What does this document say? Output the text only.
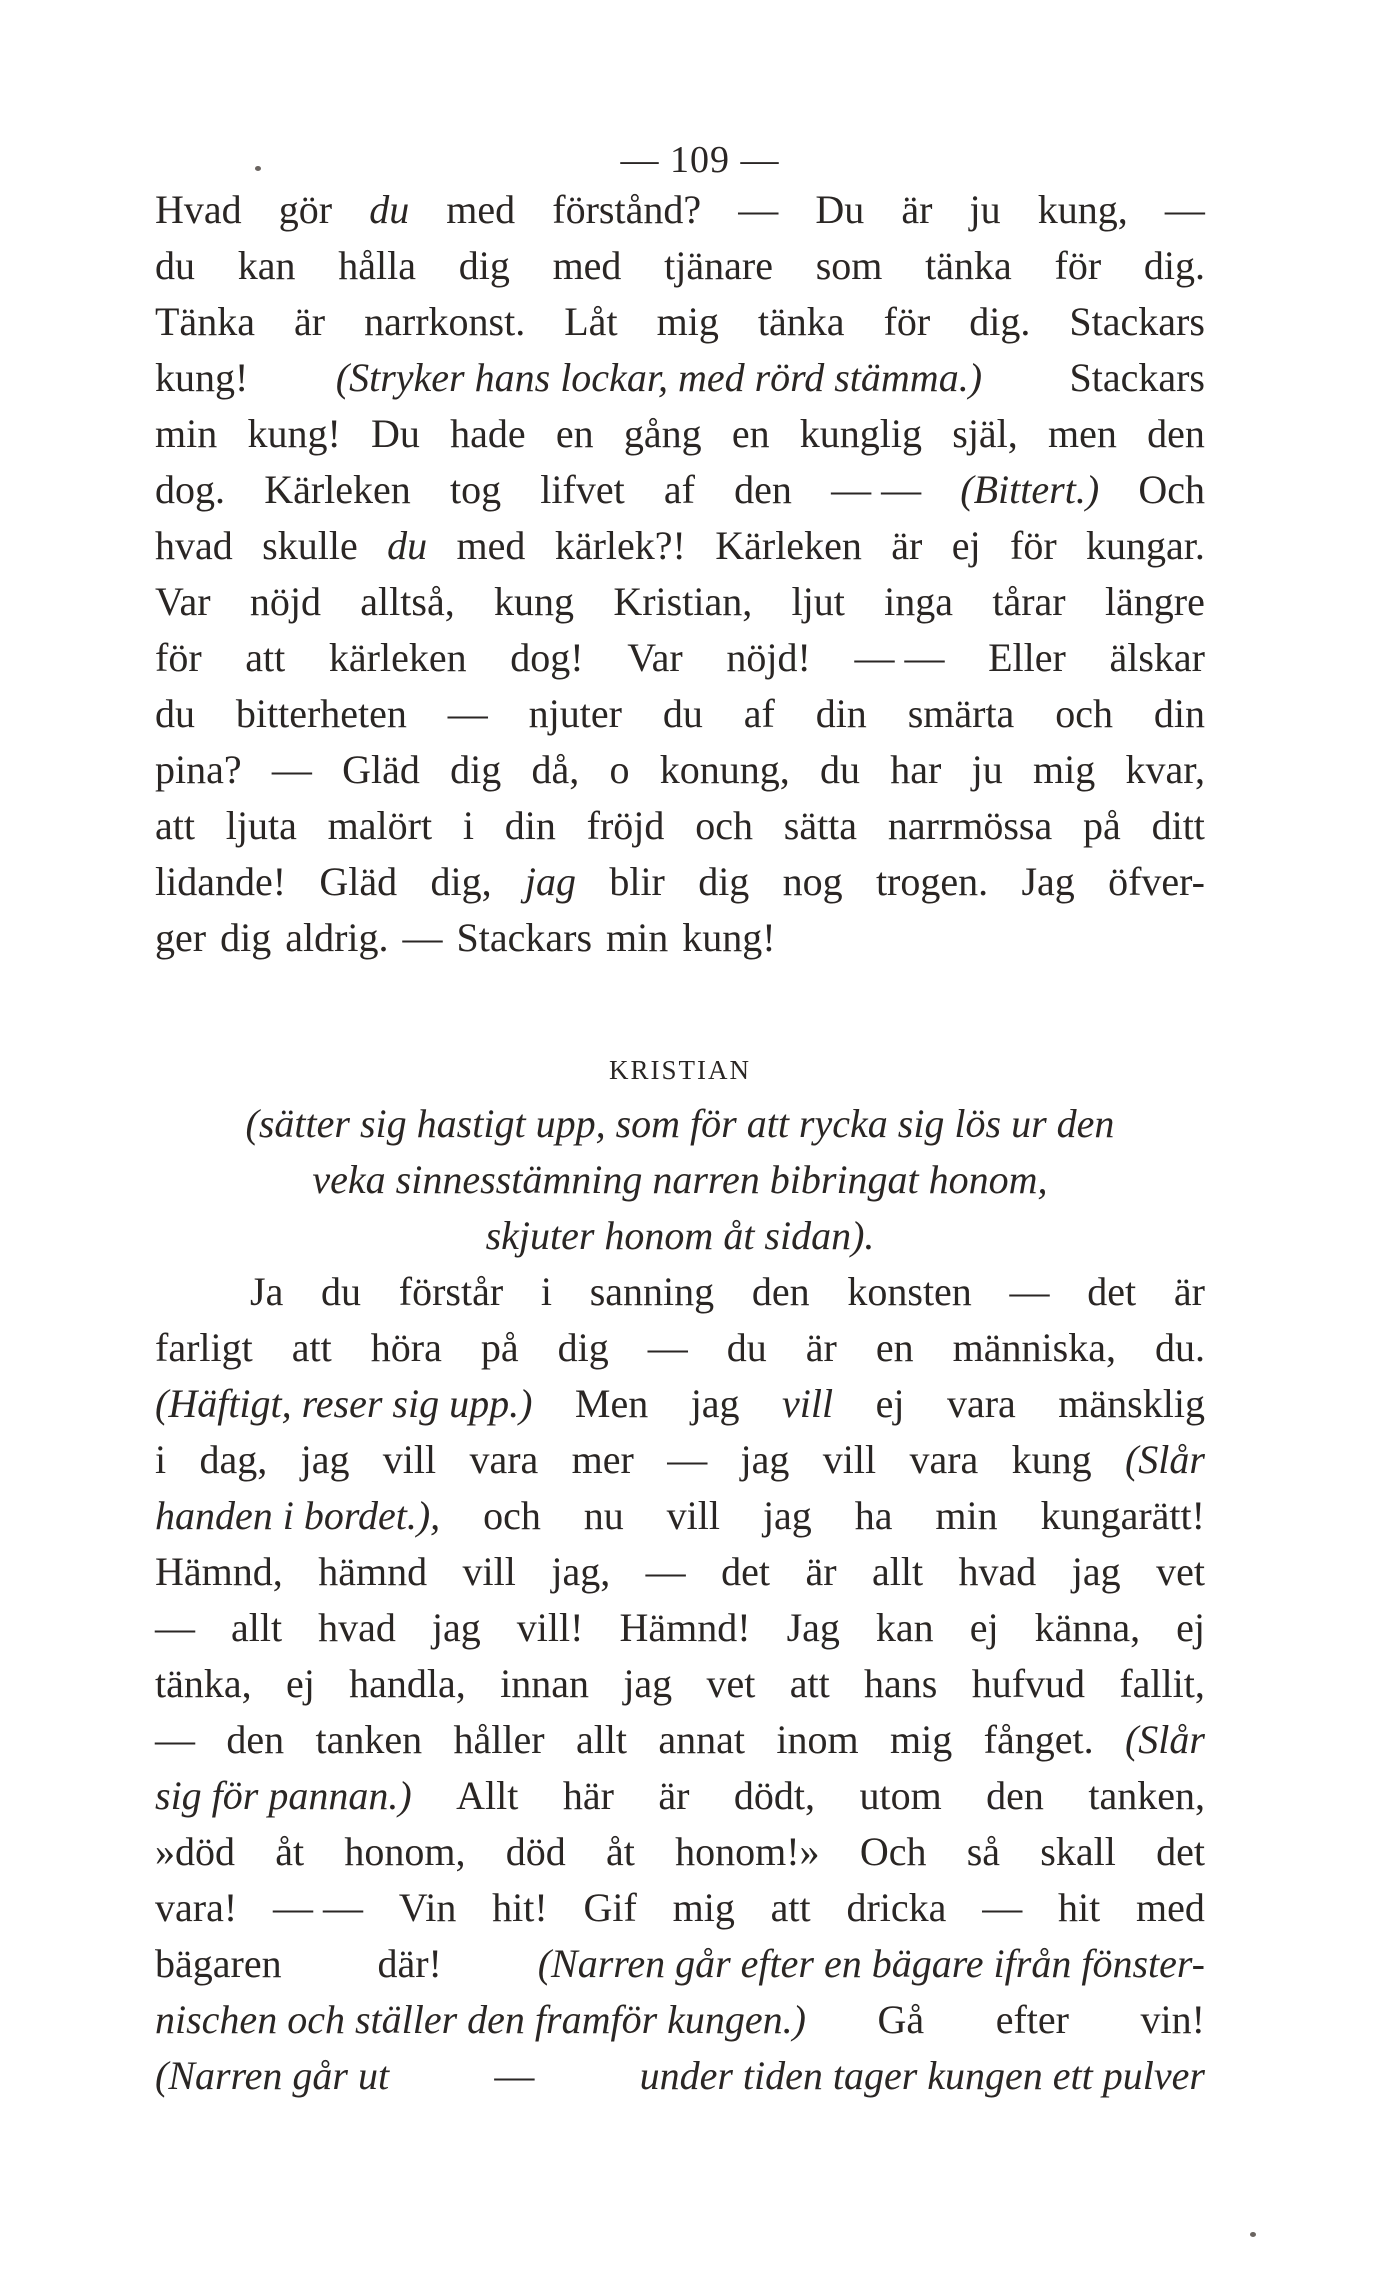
— 109 —
Hvad gör du med förstånd? — Du är ju kung, —
du kan hålla dig med tjänare som tänka för dig.
Tänka är narrkonst. Låt mig tänka för dig. Stackars
kung! (Stryker hans lockar, med rörd stämma.) Stackars
min kung! Du hade en gång en kunglig själ, men den
dog. Kärleken tog lifvet af den — — (Bittert.) Och
hvad skulle du med kärlek?! Kärleken är ej för kungar.
Var nöjd alltså, kung Kristian, ljut inga tårar längre
för att kärleken dog! Var nöjd! — — Eller älskar
du bitterheten — njuter du af din smärta och din
pina? — Gläd dig då, o konung, du har ju mig kvar,
att ljuta malört i din fröjd och sätta narrmössa på ditt
lidande! Gläd dig, jag blir dig nog trogen. Jag öfver-
ger dig aldrig. — Stackars min kung!
KRISTIAN
(sätter sig hastigt upp, som för att rycka sig lös ur den
veka sinnesstämning narren bibringat honom,
skjuter honom åt sidan).
Ja du förstår i sanning den konsten — det är
farligt att höra på dig — du är en människa, du.
(Häftigt, reser sig upp.) Men jag vill ej vara mänsklig
i dag, jag vill vara mer — jag vill vara kung (Slår
handen i bordet.), och nu vill jag ha min kungarätt!
Hämnd, hämnd vill jag, — det är allt hvad jag vet
— allt hvad jag vill! Hämnd! Jag kan ej känna, ej
tänka, ej handla, innan jag vet att hans hufvud fallit,
— den tanken håller allt annat inom mig fånget. (Slår
sig för pannan.) Allt här är dödt, utom den tanken,
»död åt honom, död åt honom!» Och så skall det
vara! — — Vin hit! Gif mig att dricka — hit med
bägaren där! (Narren går efter en bägare ifrån fönster-
nischen och ställer den framför kungen.) Gå efter vin!
(Narren går ut	—	under tiden tager kungen ett pulver
